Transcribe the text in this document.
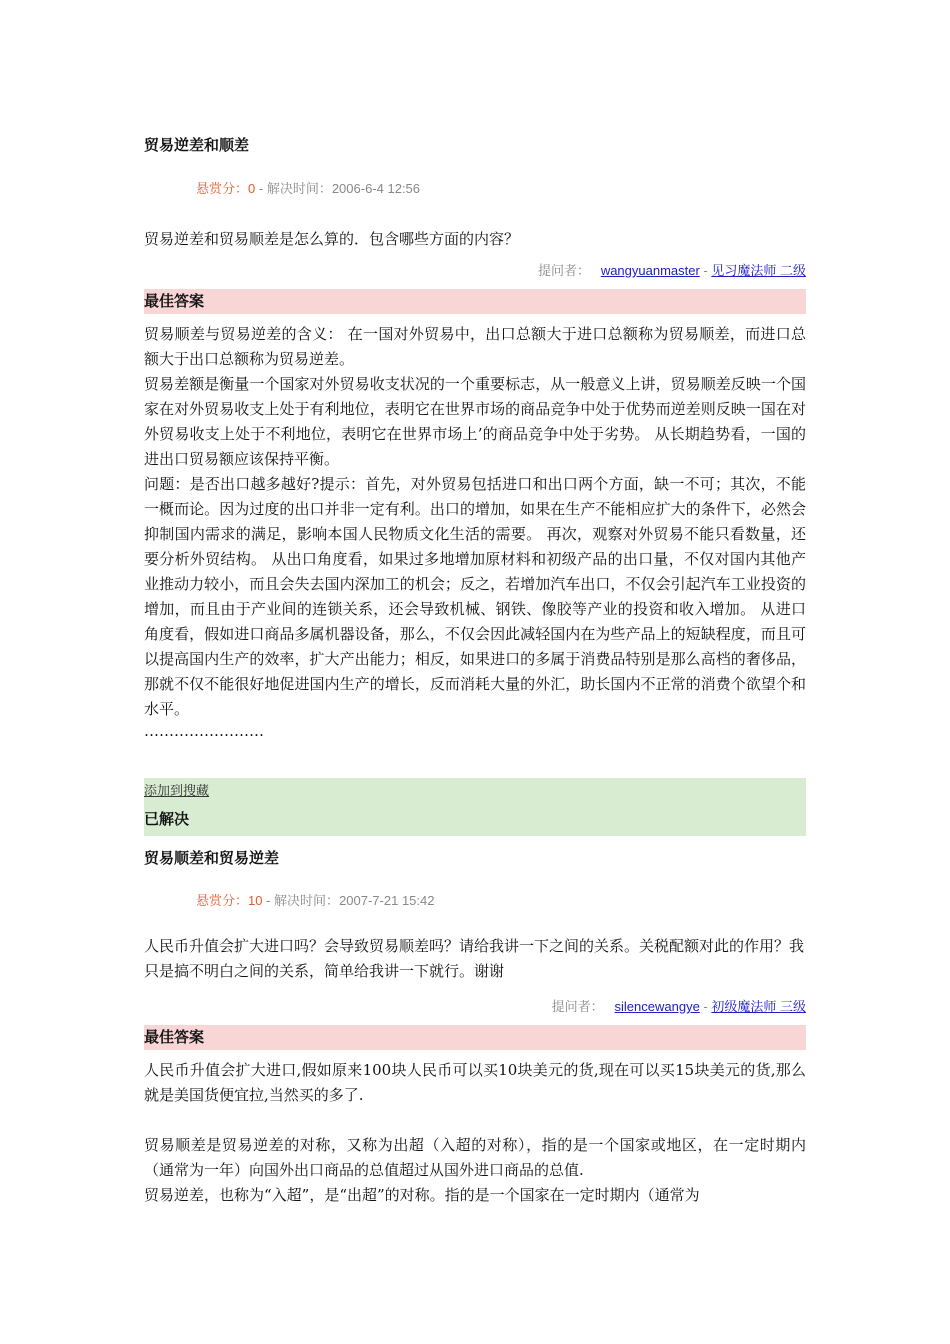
贸易逆差和顺差
悬赏分：0 - 解决时间：2006-6-4 12:56
贸易逆差和贸易顺差是怎么算的．包含哪些方面的内容？
提问者： wangyuanmaster - 见习魔法师 二级
最佳答案

贸易顺差与贸易逆差的含义： 在一国对外贸易中，出口总额大于进口总额称为贸易顺差，而进口总额大于出口总额称为贸易逆差。

贸易差额是衡量一个国家对外贸易收支状况的一个重要标志，从一般意义上讲，贸易顺差反映一个国家在对外贸易收支上处于有利地位，表明它在世界市场的商品竞争中处于优势而逆差则反映一国在对外贸易收支上处于不利地位，表明它在世界市场上’的商品竞争中处于劣势。 从长期趋势看，一国的进出口贸易额应该保持平衡。

问题：是否出口越多越好?提示：首先，对外贸易包括进口和出口两个方面，缺一不可；其次，不能一概而论。因为过度的出口并非一定有利。出口的增加，如果在生产不能相应扩大的条件下，必然会抑制国内需求的满足，影响本国人民物质文化生活的需要。 再次，观察对外贸易不能只看数量，还要分析外贸结构。 从出口角度看，如果过多地增加原材料和初级产品的出口量，不仅对国内其他产业推动力较小，而且会失去国内深加工的机会；反之，若增加汽车出口，不仅会引起汽车工业投资的增加，而且由于产业间的连锁关系，还会导致机械、钢铁、像胶等产业的投资和收入增加。 从进口角度看，假如进口商品多属机器设备，那么，不仅会因此减轻国内在为些产品上的短缺程度，而且可以提高国内生产的效率，扩大产出能力；相反，如果进口的多属于消费品特别是那么高档的奢侈品，那就不仅不能很好地促进国内生产的增长，反而消耗大量的外汇，助长国内不正常的消费个欲望个和水平。

……………………

添加到搜藏
已解决
贸易顺差和贸易逆差
悬赏分：10 - 解决时间：2007-7-21 15:42
人民币升值会扩大进口吗？会导致贸易顺差吗？请给我讲一下之间的关系。关税配额对此的作用？我只是搞不明白之间的关系，简单给我讲一下就行。谢谢
提问者： silencewangye - 初级魔法师 三级
最佳答案

人民币升值会扩大进口,假如原来100块人民币可以买10块美元的货,现在可以买15块美元的货,那么就是美国货便宜拉,当然买的多了.

贸易顺差是贸易逆差的对称，又称为出超（入超的对称），指的是一个国家或地区，在一定时期内（通常为一年）向国外出口商品的总值超过从国外进口商品的总值.

贸易逆差，也称为“入超”，是“出超”的对称。指的是一个国家在一定时期内（通常为
